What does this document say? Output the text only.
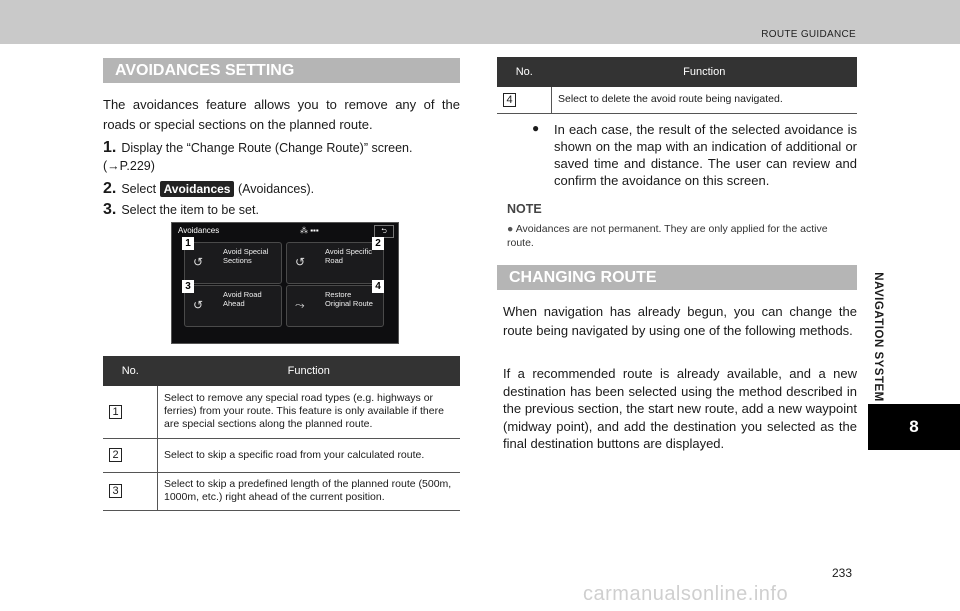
ROUTE GUIDANCE
NAVIGATION SYSTEM
8
AVOIDANCES SETTING
The avoidances feature allows you to remove any of the roads or special sections on the planned route.
1. Display the “Change Route (Change Route)” screen. (→P.229)
2. Select Avoidances (Avoidances).
3. Select the item to be set.
Avoidances	⁂ ▪▪▪	⮌
↺
Avoid Special Sections	↺
Avoid Specific Road
↺
Avoid Road Ahead	⤳
Restore Original Route
1	2
3	4
No.	Function
1	Select to remove any special road types (e.g. highways or ferries) from your route. This feature is only available if there are special sections along the planned route.
2	Select to skip a specific road from your calculated route.
3	Select to skip a predefined length of the planned route (500m, 1000m, etc.) right ahead of the current position.
No.	Function
4	Select to delete the avoid route being navigated.
● In each case, the result of the selected avoidance is shown on the map with an indication of additional or saved time and distance. The user can review and confirm the avoidance on this screen.
NOTE
● Avoidances are not permanent. They are only applied for the active route.
CHANGING ROUTE
When navigation has already begun, you can change the route being navigated by using one of the following methods.
If a recommended route is already available, and a new destination has been selected using the method described in the previous section, the start new route, add a new waypoint (midway point), and add the destination you selected as the final destination buttons are displayed.
233
carmanualsonline.info
